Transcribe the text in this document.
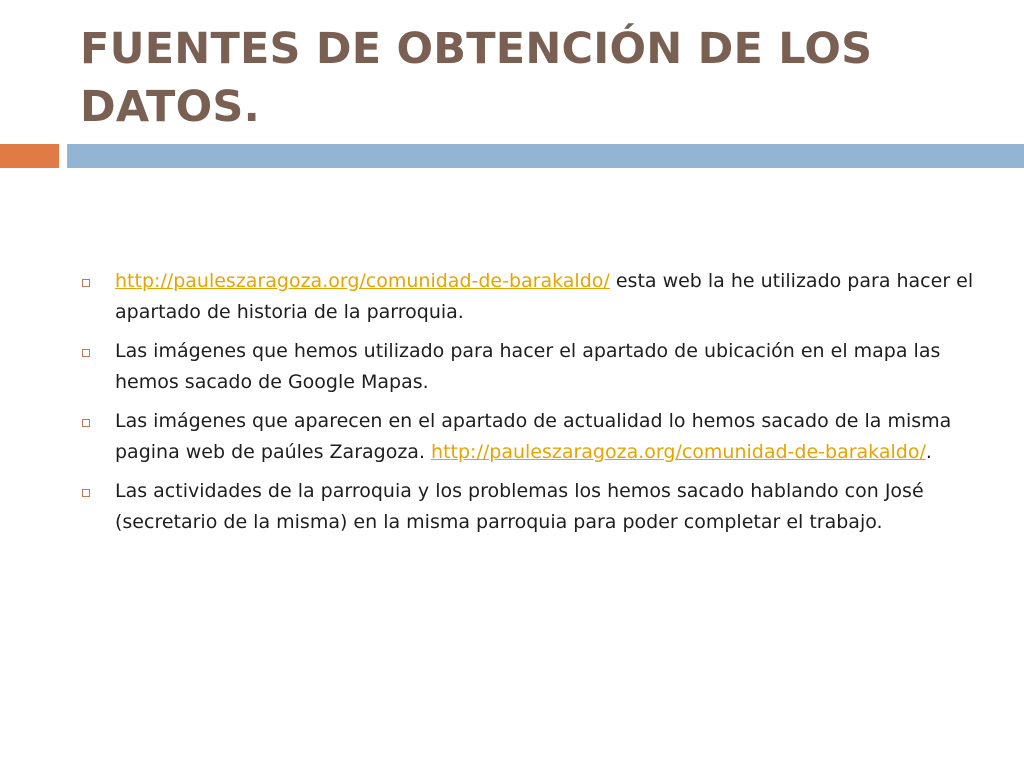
FUENTES DE OBTENCIÓN DE LOS DATOS.
http://pauleszaragoza.org/comunidad-de-barakaldo/ esta web la he utilizado para hacer el apartado de historia de la parroquia.
Las imágenes que hemos utilizado para hacer el apartado de ubicación en el mapa las hemos sacado de Google Mapas.
Las imágenes que aparecen en el apartado de actualidad lo hemos sacado de la misma pagina web de paúles Zaragoza. http://pauleszaragoza.org/comunidad-de-barakaldo/.
Las actividades de la parroquia y los problemas los hemos sacado hablando con José (secretario de la misma) en la misma parroquia para poder completar el trabajo.
